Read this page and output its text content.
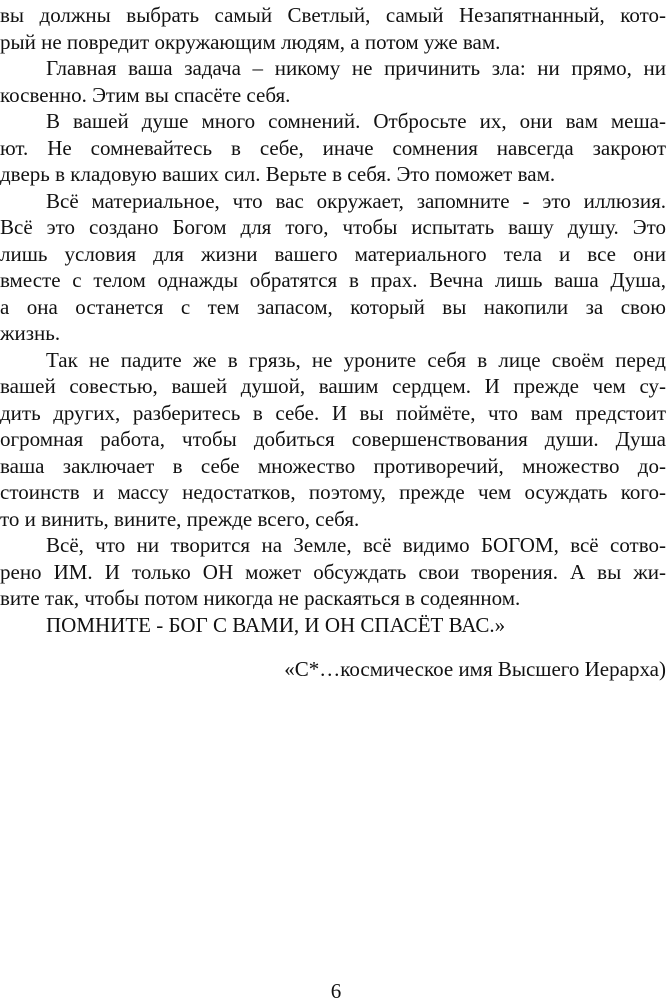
вы должны выбрать самый Светлый, самый Незапятнанный, кото-
рый не повредит окружающим людям, а потом уже вам.
Главная ваша задача – никому не причинить зла: ни прямо, ни
косвенно. Этим вы спасёте себя.
В вашей душе много сомнений. Отбросьте их, они вам мешa-
ют. Не сомневайтесь в себе, иначе сомнения навсегда закроют
дверь в кладовую ваших сил. Верьте в себя. Это поможет вам.
Всё материальное, что вас окружает, запомните - это иллюзия.
Всё это создано Богом для того, чтобы испытать вашу душу. Это
лишь условия для жизни вашего материального тела и все они
вместе с телом однажды обратятся в прах. Вечна лишь ваша Душа,
а она останется с тем запасом, который вы накопили за свою
жизнь.
Так не падите же в грязь, не уроните себя в лице своём перед
вашей совестью, вашей душой, вашим сердцем. И прежде чем су-
дить других, разберитесь в себе. И вы поймёте, что вам предстоит
огромная работа, чтобы добиться совершенствования души. Душа
ваша заключает в себе множество противоречий, множество до-
стоинств и массу недостатков, поэтому, прежде чем осуждать кого-
то и винить, вините, прежде всего, себя.
Всё, что ни творится на Земле, всё видимо БОГОМ, всё сотво-
рено ИМ. И только ОН может обсуждать свои творения. А вы жи-
вите так, чтобы потом никогда не раскаяться в содеянном.
ПОМНИТЕ - БОГ С ВАМИ, И ОН СПАСЁТ ВАС.»
«С*…космическое имя Высшего Иерарха)
6
